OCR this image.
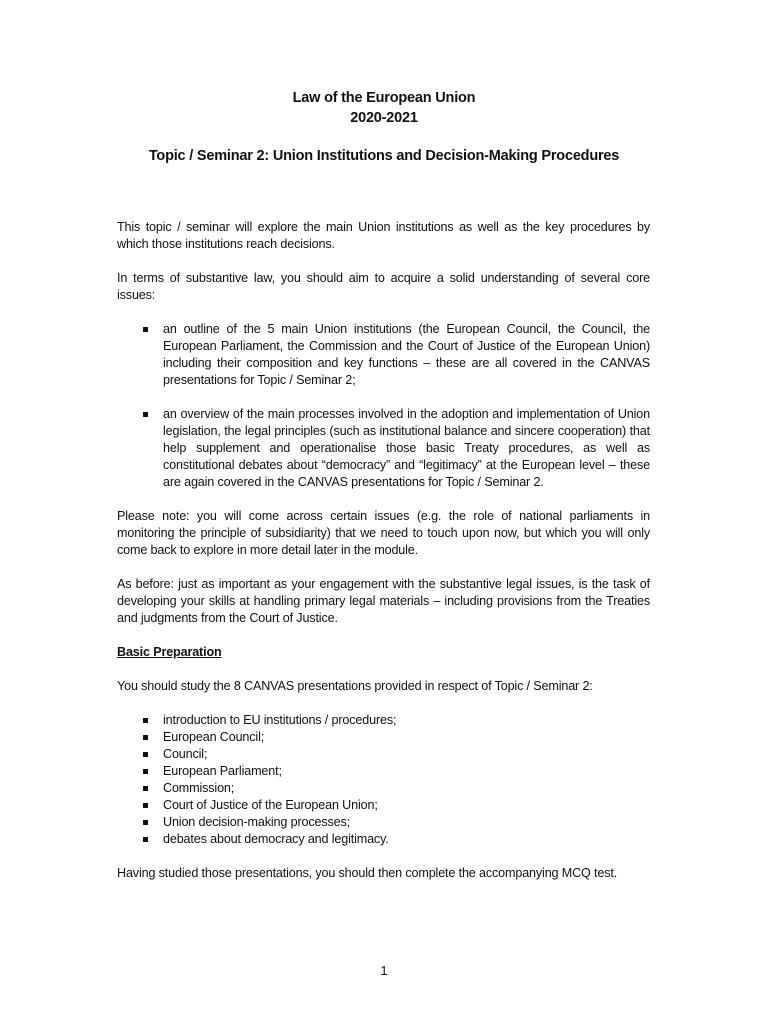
Law of the European Union
2020-2021
Topic / Seminar 2: Union Institutions and Decision-Making Procedures

This topic / seminar will explore the main Union institutions as well as the key procedures by which those institutions reach decisions.

In terms of substantive law, you should aim to acquire a solid understanding of several core issues:

an outline of the 5 main Union institutions (the European Council, the Council, the European Parliament, the Commission and the Court of Justice of the European Union) including their composition and key functions – these are all covered in the CANVAS presentations for Topic / Seminar 2;
an overview of the main processes involved in the adoption and implementation of Union legislation, the legal principles (such as institutional balance and sincere cooperation) that help supplement and operationalise those basic Treaty procedures, as well as constitutional debates about “democracy” and “legitimacy” at the European level – these are again covered in the CANVAS presentations for Topic / Seminar 2.

Please note: you will come across certain issues (e.g. the role of national parliaments in monitoring the principle of subsidiarity) that we need to touch upon now, but which you will only come back to explore in more detail later in the module.

As before: just as important as your engagement with the substantive legal issues, is the task of developing your skills at handling primary legal materials – including provisions from the Treaties and judgments from the Court of Justice.

Basic Preparation

You should study the 8 CANVAS presentations provided in respect of Topic / Seminar 2:

introduction to EU institutions / procedures;
European Council;
Council;
European Parliament;
Commission;
Court of Justice of the European Union;
Union decision-making processes;
debates about democracy and legitimacy.

Having studied those presentations, you should then complete the accompanying MCQ test.

1
